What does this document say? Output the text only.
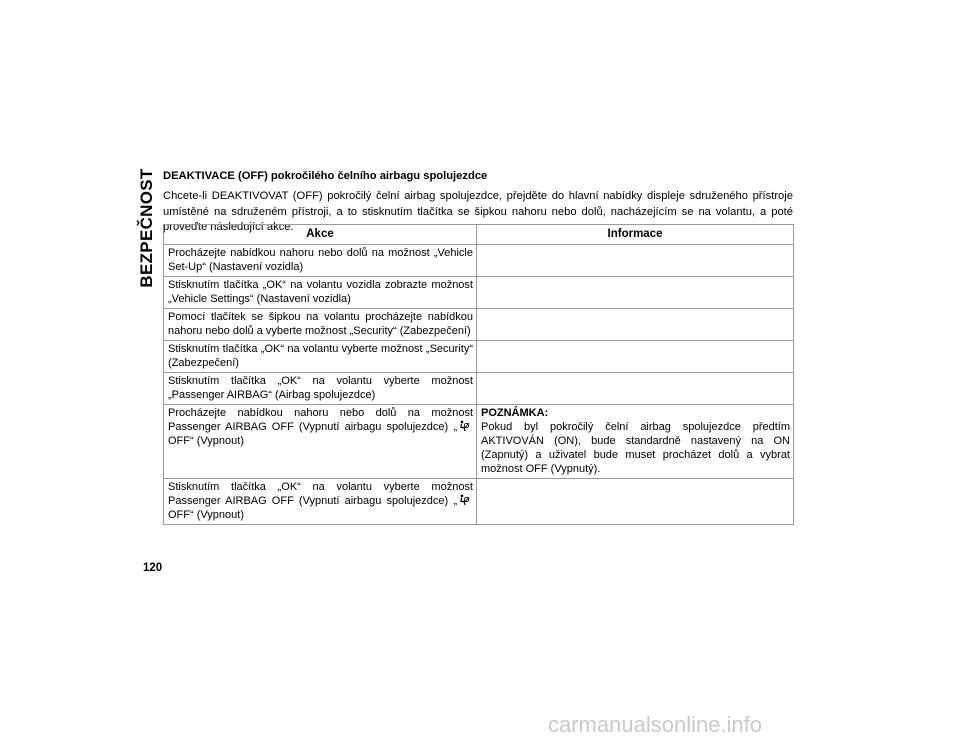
BEZPEČNOST DEAKTIVACE (OFF) pokročilého čelního airbagu spolujezdce
Chcete-li DEAKTIVOVAT (OFF) pokročilý čelní airbag spolujezdce, přejděte do hlavní nabídky displeje sdruženého přístroje umístěné na sdruženém přístroji, a to stisknutím tlačítka se šipkou nahoru nebo dolů, nacházejícím se na volantu, a poté proveďte následující akce:
Akce	Informace
Procházejte nabídkou nahoru nebo dolů na možnost „Vehicle Set-Up“ (Nastavení vozidla)	
Stisknutím tlačítka „OK“ na volantu vozidla zobrazte možnost „Vehicle Settings“ (Nastavení vozidla)	
Pomocí tlačítek se šipkou na volantu procházejte nabídkou nahoru nebo dolů a vyberte možnost „Security“ (Zabezpečení)	
Stisknutím tlačítka „OK“ na volantu vyberte možnost „Security“ (Zabezpečení)	
Stisknutím tlačítka „OK“ na volantu vyberte možnost „Passenger AIRBAG“ (Airbag spolujezdce)	
Procházejte nabídkou nahoru nebo dolů na možnost Passenger AIRBAG OFF (Vypnutí airbagu spolujezdce) „OFF“ (Vypnout)	POZNÁMKA:
Pokud byl pokročilý čelní airbag spolujezdce předtím AKTIVOVÁN (ON), bude standardně nastavený na ON (Zapnutý) a uživatel bude muset procházet dolů a vybrat možnost OFF (Vypnutý).
Stisknutím tlačítka „OK“ na volantu vyberte možnost Passenger AIRBAG OFF (Vypnutí airbagu spolujezdce) „OFF“ (Vypnout)	
120
carmanualsonline.info
